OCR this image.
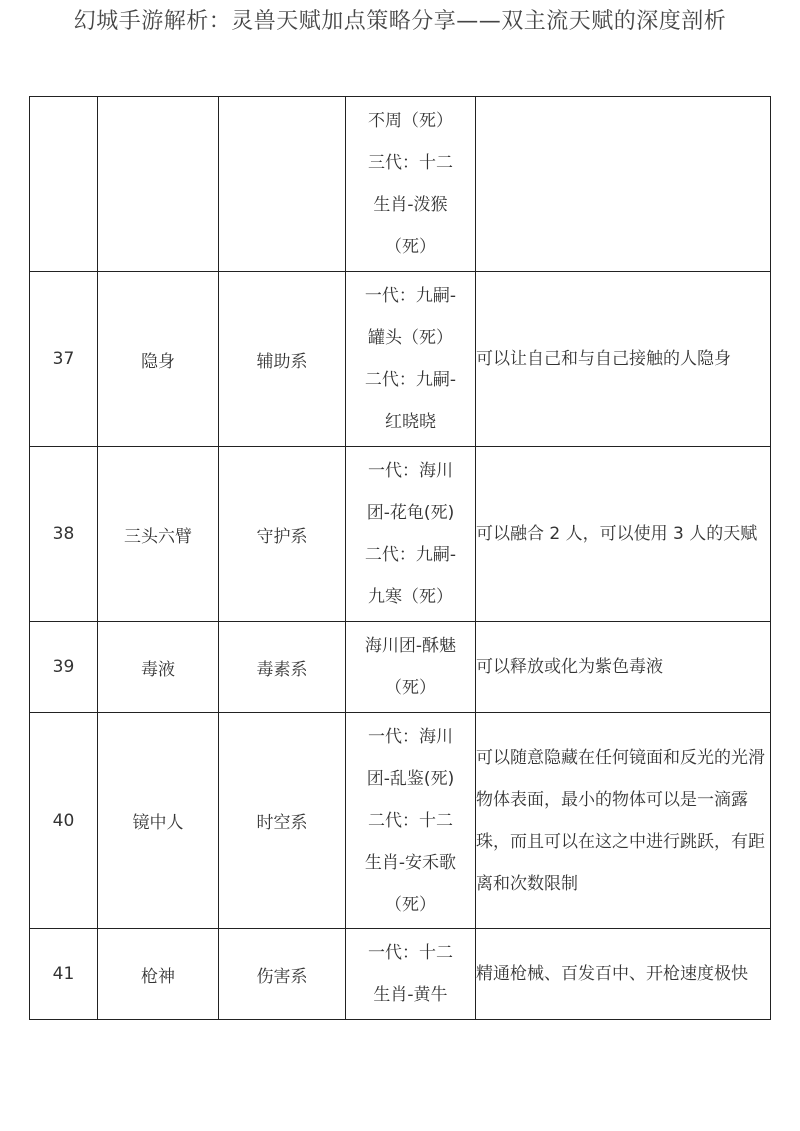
幻城手游解析：灵兽天赋加点策略分享——双主流天赋的深度剖析

			不周（死）
三代：十二
生肖-泼猴
（死）	

37	隐身	辅助系	一代：九嗣-
罐头（死）
二代：九嗣-
红晓晓	可以让自己和与自己接触的人隐身
38	三头六臂	守护系	一代：海川
团-花龟(死)
二代：九嗣-
九寒（死）	可以融合 2 人，可以使用 3 人的天赋
39	毒液	毒素系	海川团-酥魅
（死）	可以释放或化为紫色毒液
40	镜中人	时空系	一代：海川
团-乱鉴(死)
二代：十二
生肖-安禾歌
（死）	可以随意隐藏在任何镜面和反光的光滑物体表面，最小的物体可以是一滴露珠，而且可以在这之中进行跳跃，有距离和次数限制
41	枪神	伤害系	一代：十二
生肖-黄牛	精通枪械、百发百中、开枪速度极快
